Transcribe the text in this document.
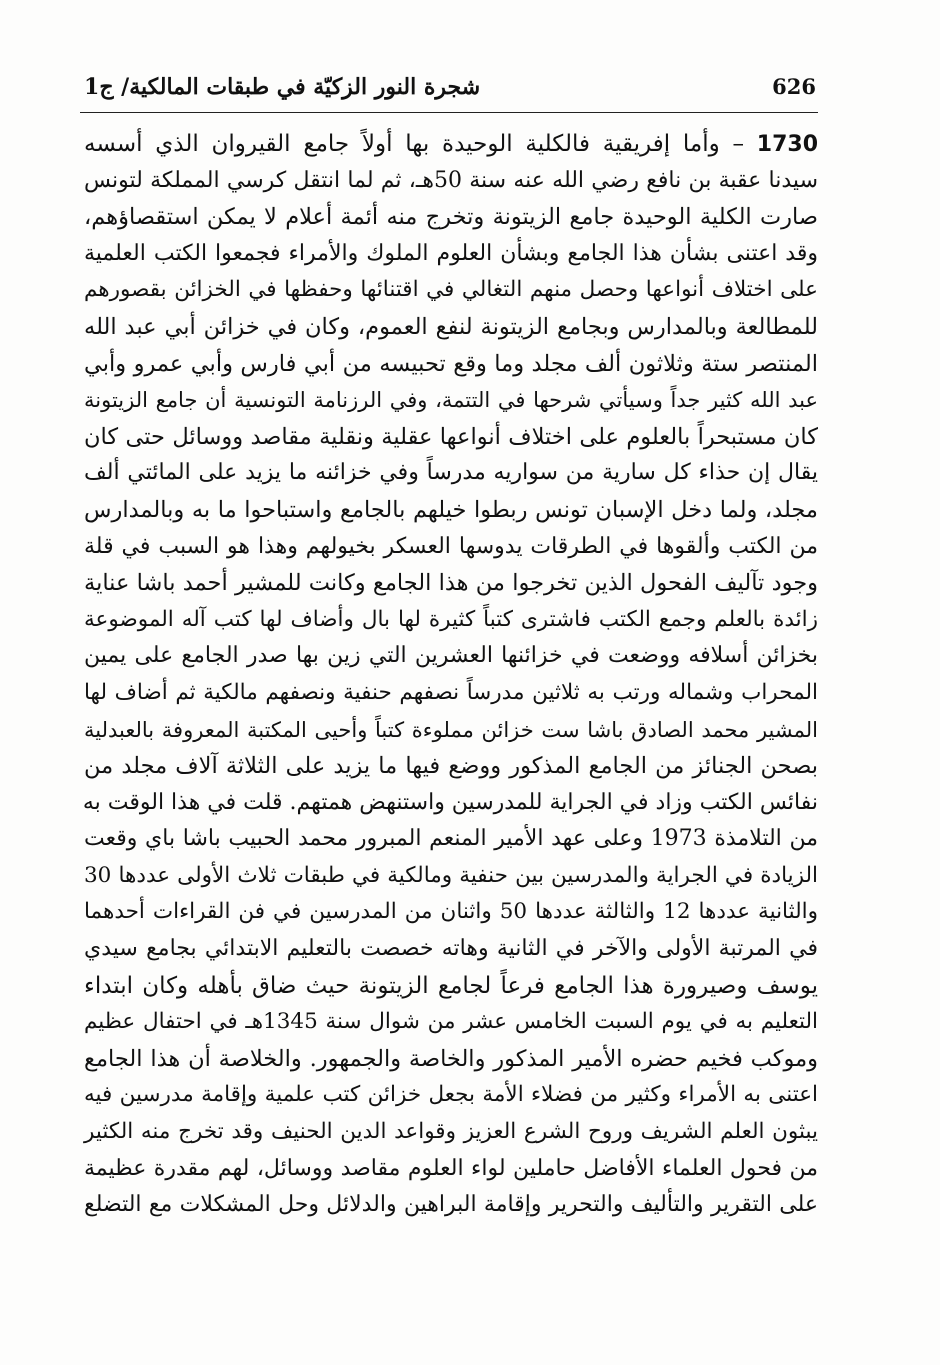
626
شجرة النور الزكيّة في طبقات المالكية/ ج1
1730 – وأما إفريقية فالكلية الوحيدة بها أولاً جامع القيروان الذي أسسه
سيدنا عقبة بن نافع رضي الله عنه سنة 50هـ، ثم لما انتقل كرسي المملكة لتونس
صارت الكلية الوحيدة جامع الزيتونة وتخرج منه أئمة أعلام لا يمكن استقصاؤهم،
وقد اعتنى بشأن هذا الجامع وبشأن العلوم الملوك والأمراء فجمعوا الكتب العلمية
على اختلاف أنواعها وحصل منهم التغالي في اقتنائها وحفظها في الخزائن بقصورهم
للمطالعة وبالمدارس وبجامع الزيتونة لنفع العموم، وكان في خزائن أبي عبد الله
المنتصر ستة وثلاثون ألف مجلد وما وقع تحبيسه من أبي فارس وأبي عمرو وأبي
عبد الله كثير جداً وسيأتي شرحها في التتمة، وفي الرزنامة التونسية أن جامع الزيتونة
كان مستبحراً بالعلوم على اختلاف أنواعها عقلية ونقلية مقاصد ووسائل حتى كان
يقال إن حذاء كل سارية من سواريه مدرساً وفي خزائنه ما يزيد على المائتي ألف
مجلد، ولما دخل الإسبان تونس ربطوا خيلهم بالجامع واستباحوا ما به وبالمدارس
من الكتب وألقوها في الطرقات يدوسها العسكر بخيولهم وهذا هو السبب في قلة
وجود تآليف الفحول الذين تخرجوا من هذا الجامع وكانت للمشير أحمد باشا عناية
زائدة بالعلم وجمع الكتب فاشترى كتباً كثيرة لها بال وأضاف لها كتب آله الموضوعة
بخزائن أسلافه ووضعت في خزائنها العشرين التي زين بها صدر الجامع على يمين
المحراب وشماله ورتب به ثلاثين مدرساً نصفهم حنفية ونصفهم مالكية ثم أضاف لها
المشير محمد الصادق باشا ست خزائن مملوءة كتباً وأحيى المكتبة المعروفة بالعبدلية
بصحن الجنائز من الجامع المذكور ووضع فيها ما يزيد على الثلاثة آلاف مجلد من
نفائس الكتب وزاد في الجراية للمدرسين واستنهض همتهم. قلت في هذا الوقت به
من التلامذة 1973 وعلى عهد الأمير المنعم المبرور محمد الحبيب باشا باي وقعت
الزيادة في الجراية والمدرسين بين حنفية ومالكية في طبقات ثلاث الأولى عددها 30
والثانية عددها 12 والثالثة عددها 50 واثنان من المدرسين في فن القراءات أحدهما
في المرتبة الأولى والآخر في الثانية وهاته خصصت بالتعليم الابتدائي بجامع سيدي
يوسف وصيرورة هذا الجامع فرعاً لجامع الزيتونة حيث ضاق بأهله وكان ابتداء
التعليم به في يوم السبت الخامس عشر من شوال سنة 1345هـ في احتفال عظيم
وموكب فخيم حضره الأمير المذكور والخاصة والجمهور. والخلاصة أن هذا الجامع
اعتنى به الأمراء وكثير من فضلاء الأمة بجعل خزائن كتب علمية وإقامة مدرسين فيه
يبثون العلم الشريف وروح الشرع العزيز وقواعد الدين الحنيف وقد تخرج منه الكثير
من فحول العلماء الأفاضل حاملين لواء العلوم مقاصد ووسائل، لهم مقدرة عظيمة
على التقرير والتأليف والتحرير وإقامة البراهين والدلائل وحل المشكلات مع التضلع
